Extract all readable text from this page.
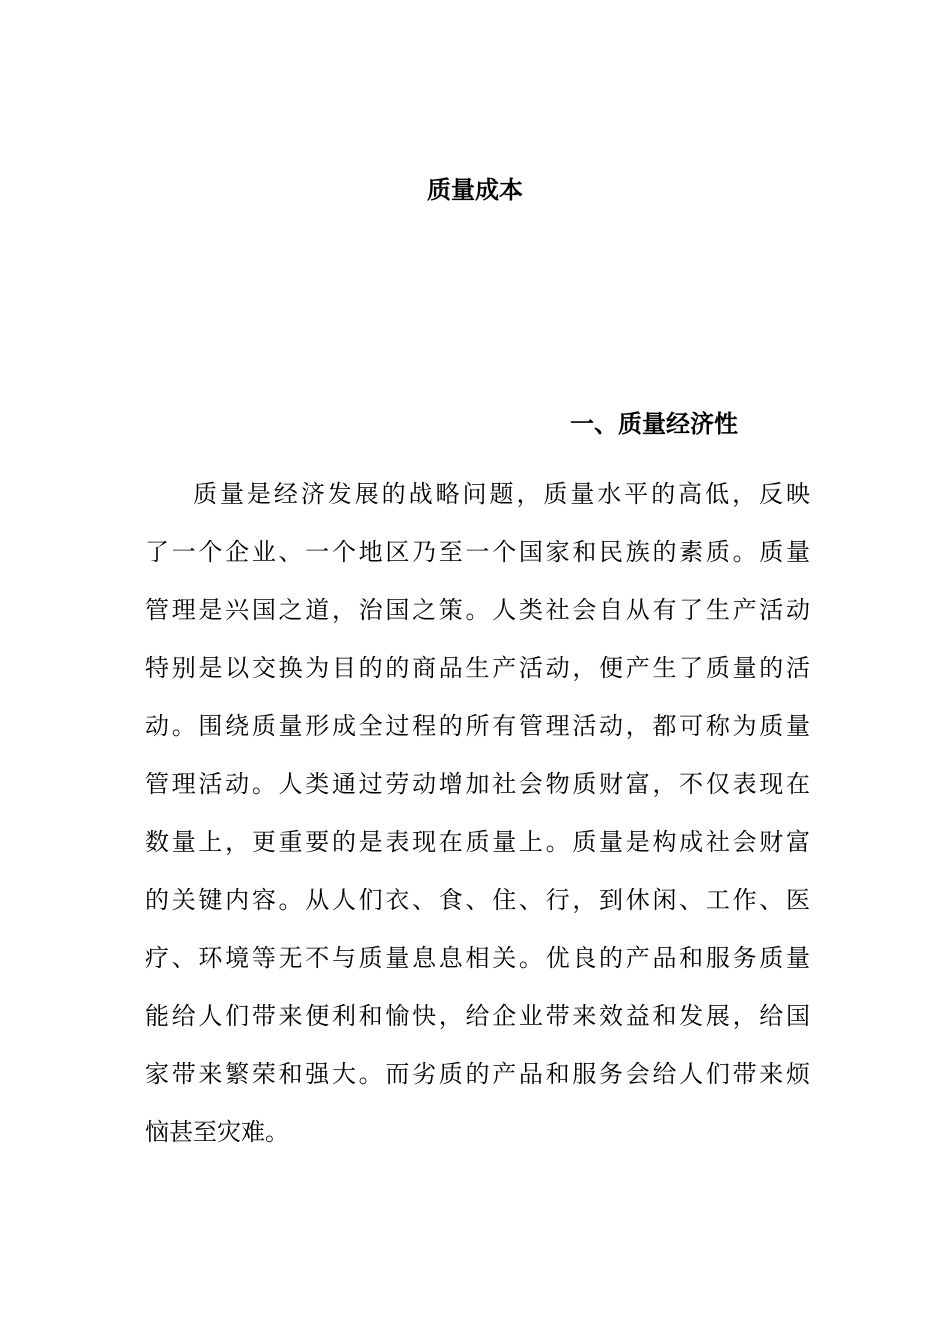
质量成本
一、质量经济性
质量是经济发展的战略问题，质量水平的高低，反映
了一个企业、一个地区乃至一个国家和民族的素质。质量
管理是兴国之道，治国之策。人类社会自从有了生产活动
特别是以交换为目的的商品生产活动，便产生了质量的活
动。围绕质量形成全过程的所有管理活动，都可称为质量
管理活动。人类通过劳动增加社会物质财富，不仅表现在
数量上，更重要的是表现在质量上。质量是构成社会财富
的关键内容。从人们衣、食、住、行，到休闲、工作、医
疗、环境等无不与质量息息相关。优良的产品和服务质量
能给人们带来便利和愉快，给企业带来效益和发展，给国
家带来繁荣和强大。而劣质的产品和服务会给人们带来烦
恼甚至灾难。
